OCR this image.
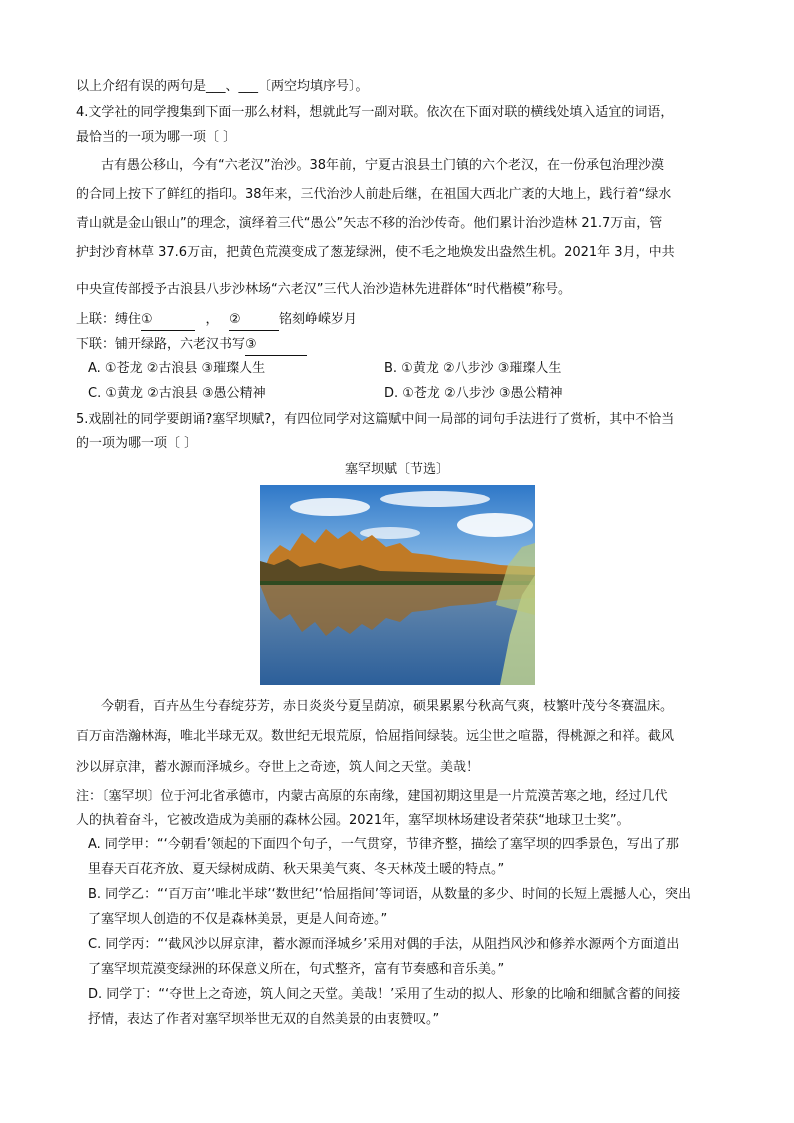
以上介绍有误的两句是___、___〔两空均填序号〕。
4.文学社的同学搜集到下面一那么材料，想就此写一副对联。依次在下面对联的横线处填入适宜的词语，
最恰当的一项为哪一项〔 〕
古有愚公移山，今有“六老汉”治沙。38年前，宁夏古浪县土门镇的六个老汉，在一份承包治理沙漠
的合同上按下了鲜红的指印。38年来，三代治沙人前赴后继，在祖国大西北广袤的大地上，践行着“绿水
青山就是金山银山”的理念，演绎着三代“愚公”矢志不移的治沙传奇。他们累计治沙造林 21.7万亩，管
护封沙育林草 37.6万亩，把黄色荒漠变成了葱茏绿洲，使不毛之地焕发出盎然生机。2021年 3月，中共
中央宣传部授予古浪县八步沙林场“六老汉”三代人治沙造林先进群体“时代楷模”称号。
上联：缚住①	， ②	铭刻峥嵘岁月
下联：铺开绿路，六老汉书写③
A. ①苍龙 ②古浪县 ③璀璨人生	B. ①黄龙 ②八步沙 ③璀璨人生
C. ①黄龙 ②古浪县 ③愚公精神	D. ①苍龙 ②八步沙 ③愚公精神
5.戏剧社的同学要朗诵?塞罕坝赋?，有四位同学对这篇赋中间一局部的词句手法进行了赏析，其中不恰当
的一项为哪一项〔 〕
塞罕坝赋〔节选〕
今朝看，百卉丛生兮春绽芬芳，赤日炎炎兮夏呈荫凉，硕果累累兮秋高气爽，枝繁叶茂兮冬赛温床。
百万亩浩瀚林海，唯北半球无双。数世纪无垠荒原，恰屈指间绿装。远尘世之喧嚣，得桃源之和祥。截风
沙以屏京津，蓄水源而泽城乡。夺世上之奇迹，筑人间之天堂。美哉！
注：〔塞罕坝〕位于河北省承德市，内蒙古高原的东南缘，建国初期这里是一片荒漠苦寒之地，经过几代
人的执着奋斗，它被改造成为美丽的森林公园。2021年，塞罕坝林场建设者荣获“地球卫士奖”。
A. 同学甲：“‘今朝看’领起的下面四个句子，一气贯穿，节律齐整，描绘了塞罕坝的四季景色，写出了那
里春天百花齐放、夏天绿树成荫、秋天果美气爽、冬天林茂土暖的特点。”
B. 同学乙：“‘百万亩’‘唯北半球’‘数世纪’‘恰屈指间’等词语，从数量的多少、时间的长短上震撼人心，突出
了塞罕坝人创造的不仅是森林美景，更是人间奇迹。”
C. 同学丙：“‘截风沙以屏京津，蓄水源而泽城乡’采用对偶的手法，从阻挡风沙和修养水源两个方面道出
了塞罕坝荒漠变绿洲的环保意义所在，句式整齐，富有节奏感和音乐美。”
D. 同学丁：“‘夺世上之奇迹，筑人间之天堂。美哉！’采用了生动的拟人、形象的比喻和细腻含蓄的间接
抒情，表达了作者对塞罕坝举世无双的自然美景的由衷赞叹。”
